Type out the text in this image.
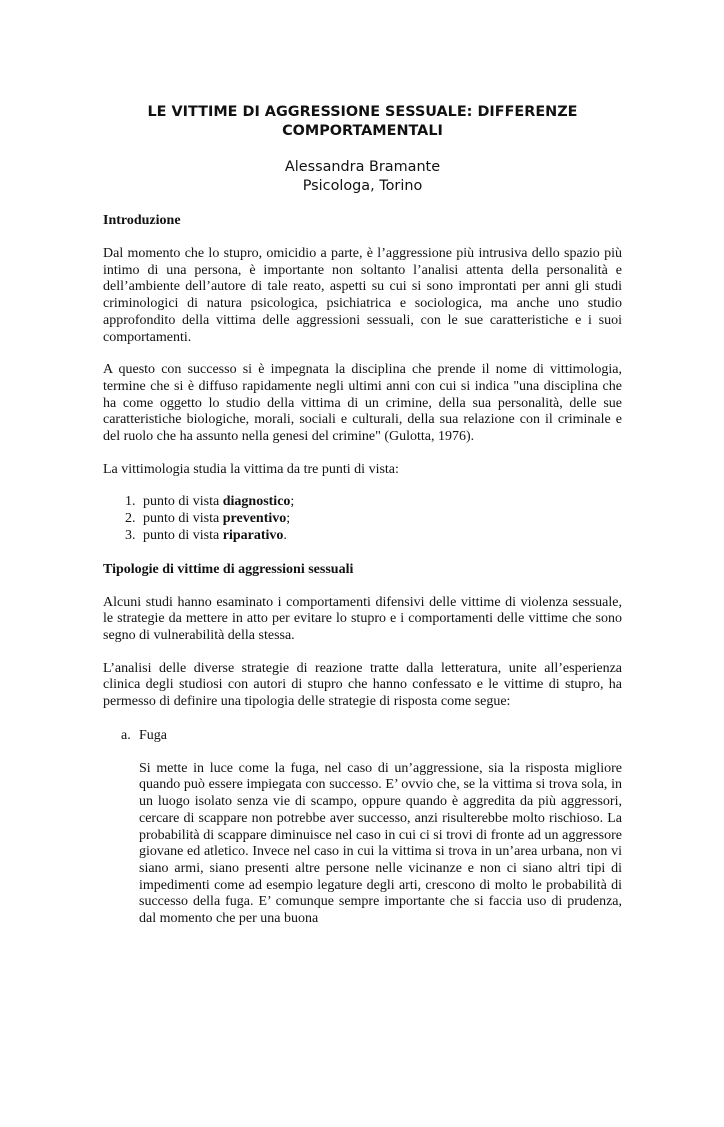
LE VITTIME DI AGGRESSIONE SESSUALE: DIFFERENZE
COMPORTAMENTALI
Alessandra Bramante
Psicologa, Torino
Introduzione

Dal momento che lo stupro, omicidio a parte, è l’aggressione più intrusiva dello spazio più intimo di una persona, è importante non soltanto l’analisi attenta della personalità e dell’ambiente dell’autore di tale reato, aspetti su cui si sono improntati per anni gli studi criminologici di natura psicologica, psichiatrica e sociologica, ma anche uno studio approfondito della vittima delle aggressioni sessuali, con le sue caratteristiche e i suoi comportamenti.

A questo con successo si è impegnata la disciplina che prende il nome di vittimologia, termine che si è diffuso rapidamente negli ultimi anni con cui si indica "una disciplina che ha come oggetto lo studio della vittima di un crimine, della sua personalità, delle sue caratteristiche biologiche, morali, sociali e culturali, della sua relazione con il criminale e del ruolo che ha assunto nella genesi del crimine" (Gulotta, 1976).

La vittimologia studia la vittima da tre punti di vista:

1. punto di vista diagnostico;
2. punto di vista preventivo;
3. punto di vista riparativo.
Tipologie di vittime di aggressioni sessuali

Alcuni studi hanno esaminato i comportamenti difensivi delle vittime di violenza sessuale, le strategie da mettere in atto per evitare lo stupro e i comportamenti delle vittime che sono segno di vulnerabilità della stessa.

L’analisi delle diverse strategie di reazione tratte dalla letteratura, unite all’esperienza clinica degli studiosi con autori di stupro che hanno confessato e le vittime di stupro, ha permesso di definire una tipologia delle strategie di risposta come segue:

a. Fuga
Si mette in luce come la fuga, nel caso di un’aggressione, sia la risposta migliore quando può essere impiegata con successo. E’ ovvio che, se la vittima si trova sola, in un luogo isolato senza vie di scampo, oppure quando è aggredita da più aggressori, cercare di scappare non potrebbe aver successo, anzi risulterebbe molto rischioso. La probabilità di scappare diminuisce nel caso in cui ci si trovi di fronte ad un aggressore giovane ed atletico. Invece nel caso in cui la vittima si trova in un’area urbana, non vi siano armi, siano presenti altre persone nelle vicinanze e non ci siano altri tipi di impedimenti come ad esempio legature degli arti, crescono di molto le probabilità di successo della fuga. E’ comunque sempre importante che si faccia uso di prudenza, dal momento che per una buona
